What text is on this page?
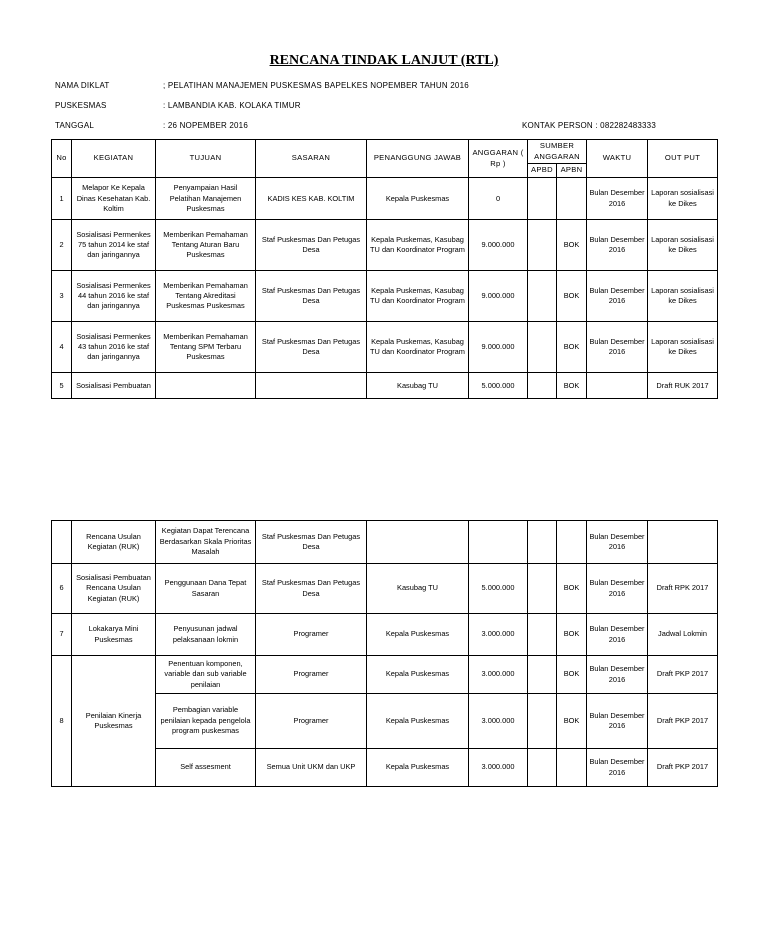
RENCANA TINDAK LANJUT (RTL)
NAMA DIKLAT	; PELATIHAN MANAJEMEN PUSKESMAS BAPELKES NOPEMBER TAHUN 2016
PUSKESMAS	: LAMBANDIA KAB. KOLAKA TIMUR
TANGGAL	: 26 NOPEMBER 2016	KONTAK PERSON : 082282483333
No	KEGIATAN	TUJUAN	SASARAN	PENANGGUNG JAWAB	ANGGARAN ( Rp )	SUMBER ANGGARAN		WAKTU	OUT PUT
						APBD	APBN		
1	Melapor Ke Kepala Dinas Kesehatan Kab. Koltim	Penyampaian Hasil Pelatihan Manajemen Puskesmas	KADIS KES KAB. KOLTIM	Kepala Puskesmas	0			Bulan Desember 2016	Laporan sosialisasi ke Dikes
2	Sosialisasi Permenkes 75 tahun 2014 ke staf dan jaringannya	Memberikan Pemahaman Tentang Aturan Baru Puskesmas	Staf Puskesmas Dan Petugas Desa	Kepala Puskemas, Kasubag TU dan Koordinator Program	9.000.000		BOK	Bulan Desember 2016	Laporan sosialisasi ke Dikes
3	Sosialisasi Permenkes 44 tahun 2016 ke staf dan jaringannya	Memberikan Pemahaman Tentang Akreditasi Puskesmas Puskesmas	Staf Puskesmas Dan Petugas Desa	Kepala Puskemas, Kasubag TU dan Koordinator Program	9.000.000		BOK	Bulan Desember 2016	Laporan sosialisasi ke Dikes
4	Sosialisasi Permenkes 43 tahun 2016 ke staf dan jaringannya	Memberikan Pemahaman Tentang SPM Terbaru Puskesmas	Staf Puskesmas Dan Petugas Desa	Kepala Puskemas, Kasubag TU dan Koordinator Program	9.000.000		BOK	Bulan Desember 2016	Laporan sosialisasi ke Dikes
5	Sosialisasi Pembuatan			Kasubag TU	5.000.000		BOK		Draft RUK 2017
	Rencana Usulan Kegiatan (RUK)	Kegiatan Dapat Terencana Berdasarkan Skala Prioritas Masalah	Staf Puskesmas Dan Petugas Desa					Bulan Desember 2016	
6	Sosialisasi Pembuatan Rencana Usulan Kegiatan (RUK)	Penggunaan Dana Tepat Sasaran	Staf Puskesmas Dan Petugas Desa	Kasubag TU	5.000.000		BOK	Bulan Desember 2016	Draft RPK 2017
7	Lokakarya Mini Puskesmas	Penyusunan jadwal pelaksanaan lokmin	Programer	Kepala Puskesmas	3.000.000		BOK	Bulan Desember 2016	Jadwal Lokmin
8	Penilaian Kinerja Puskesmas	Penentuan komponen, variable dan sub variable penilaian	Programer	Kepala Puskesmas	3.000.000		BOK	Bulan Desember 2016	Draft PKP 2017
		Pembagian variable penilaian kepada pengelola program puskesmas	Programer	Kepala Puskesmas	3.000.000		BOK	Bulan Desember 2016	Draft PKP 2017
		Self assesment	Semua Unit UKM dan UKP	Kepala Puskesmas	3.000.000			Bulan Desember 2016	Draft PKP 2017
